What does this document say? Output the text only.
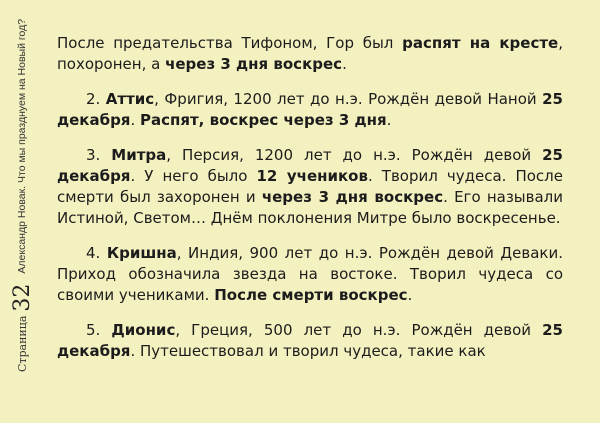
Страница
32
Александр Новак. Что мы празднуем на Новый год? После предательства Тифоном, Гор был распят на кресте, похоронен, а через 3 дня воскрес.

2. Аттис, Фригия, 1200 лет до н.э. Рождён девой Наной 25 декабря. Распят, воскрес через 3 дня.

3. Митра, Персия, 1200 лет до н.э. Рождён девой 25 декабря. У него было 12 учеников. Творил чудеса. После смерти был захоронен и через 3 дня воскрес. Его называли Истиной, Светом… Днём поклонения Митре было воскресенье.

4. Кришна, Индия, 900 лет до н.э. Рождён девой Деваки. Приход обозначила звезда на востоке. Творил чудеса со своими учениками. После смерти воскрес.

5. Дионис, Греция, 500 лет до н.э. Рождён девой 25 декабря. Путешествовал и творил чудеса, такие как
